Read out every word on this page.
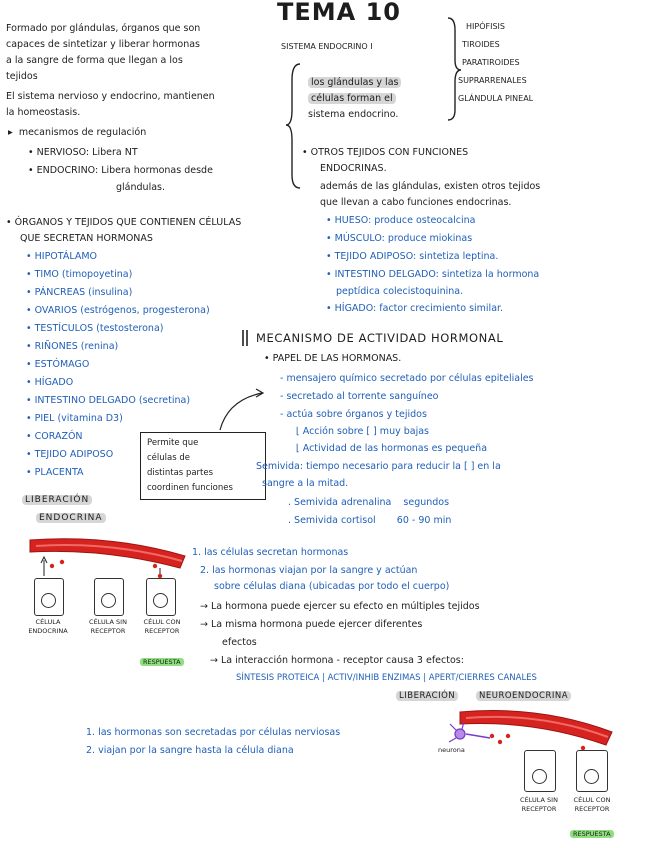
TEMA 10
SISTEMA ENDOCRINO I
Formado por glándulas, órganos que son
capaces de sintetizar y liberar hormonas
a la sangre de forma que llegan a los
tejidos
El sistema nervioso y endocrino, mantienen
la homeostasis.
▸  mecanismos de regulación
• NERVIOSO: Libera NT
• ENDOCRINO: Libera hormonas desde
glándulas.
los glándulas y las
células forman el
sistema endocrino.
HIPÓFISIS
TIROIDES
PARATIROIDES
SUPRARRENALES
GLÁNDULA PINEAL
• OTROS TEJIDOS CON FUNCIONES
ENDOCRINAS.
además de las glándulas, existen otros tejidos
que llevan a cabo funciones endocrinas.
• HUESO: produce osteocalcina
• MÚSCULO: produce miokinas
• TEJIDO ADIPOSO: sintetiza leptina.
• INTESTINO DELGADO: sintetiza la hormona
peptídica colecistoquinina.
• HÍGADO: factor crecimiento similar.
• ÓRGANOS Y TEJIDOS QUE CONTIENEN CÉLULAS
QUE SECRETAN HORMONAS
• HIPOTÁLAMO
• TIMO (timopoyetina)
• PÁNCREAS (insulina)
• OVARIOS (estrógenos, progesterona)
• TESTÍCULOS (testosterona)
• RIÑONES (renina)
• ESTÓMAGO
• HÍGADO
• INTESTINO DELGADO (secretina)
• PIEL (vitamina D3)
• CORAZÓN
• TEJIDO ADIPOSO
• PLACENTA
Permite que
células de
distintas partes
coordinen funciones
MECANISMO DE ACTIVIDAD HORMONAL
• PAPEL DE LAS HORMONAS.
- mensajero químico secretado por células epiteliales
- secretado al torrente sanguíneo
- actúa sobre órganos y tejidos
⌊ Acción sobre [ ] muy bajas
⌊ Actividad de las hormonas es pequeña
Semivida: tiempo necesario para reducir la [ ] en la
sangre a la mitad.
. Semivida adrenalina segundos
. Semivida cortisol 60 - 90 min
LIBERACIÓN
ENDOCRINA
CÉLULA ENDOCRINA
CÉLULA SIN RECEPTOR
CÉLUL CON RECEPTOR
RESPUESTA
1. las células secretan hormonas
2. las hormonas viajan por la sangre y actúan
sobre células diana (ubicadas por todo el cuerpo)
→ La hormona puede ejercer su efecto en múltiples tejidos
→ La misma hormona puede ejercer diferentes
efectos
→ La interacción hormona - receptor causa 3 efectos:
SÍNTESIS PROTEICA | ACTIV/INHIB ENZIMAS | APERT/CIERRES CANALES
LIBERACIÓN	NEUROENDOCRINA
1. las hormonas son secretadas por células nerviosas
2. viajan por la sangre hasta la célula diana	neurona
CÉLULA SIN RECEPTOR
CÉLUL CON RECEPTOR
RESPUESTA
